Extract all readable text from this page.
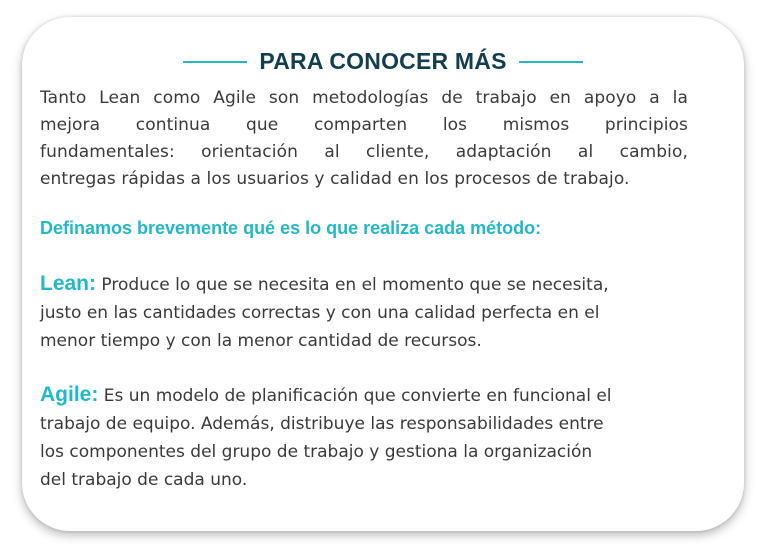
PARA CONOCER MÁS
Tanto Lean como Agile son metodologías de trabajo en apoyo a la
mejora continua que comparten los mismos principios
fundamentales: orientación al cliente, adaptación al cambio,
entregas rápidas a los usuarios y calidad en los procesos de trabajo.
Definamos brevemente qué es lo que realiza cada método:
Lean: Produce lo que se necesita en el momento que se necesita,
justo en las cantidades correctas y con una calidad perfecta en el
menor tiempo y con la menor cantidad de recursos.
Agile: Es un modelo de planificación que convierte en funcional el
trabajo de equipo. Además, distribuye las responsabilidades entre
los componentes del grupo de trabajo y gestiona la organización
del trabajo de cada uno.
